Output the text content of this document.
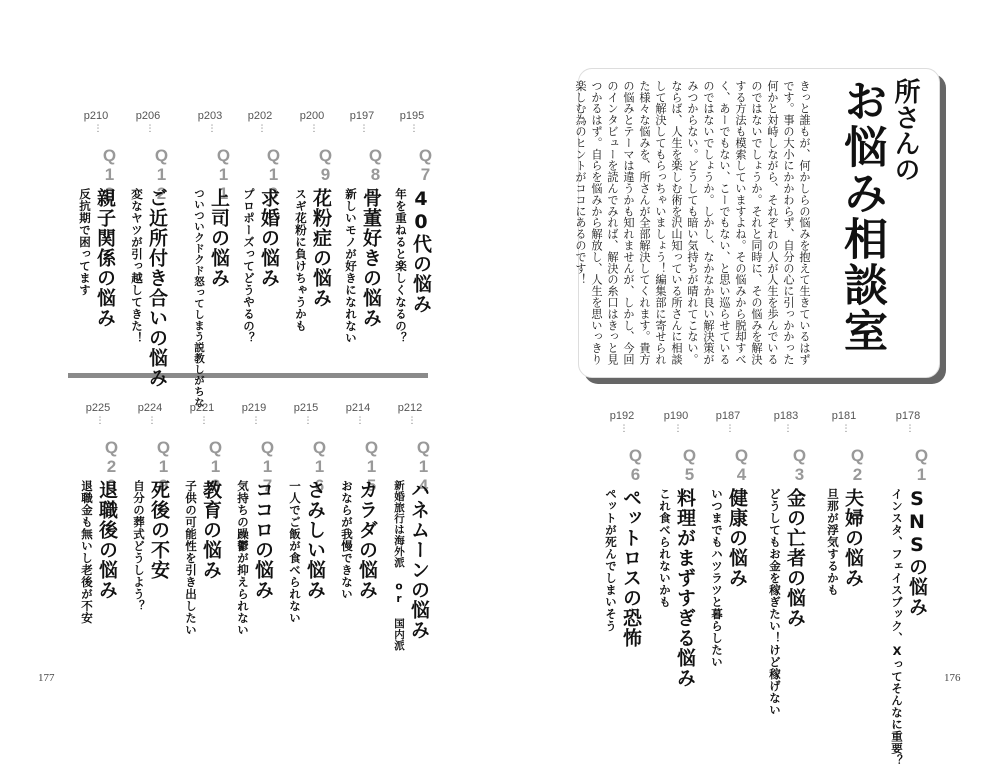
きっと誰もが、何かしらの悩みを抱えて生きているはずです。事の大小にかかわらず、自分の心に引っかかった何かと対峙しながら、それぞれの人が人生を歩んでいるのではないでしょうか。それと同時に、その悩みを解決する方法も模索していますよね。その悩みから脱却すべく、あーでもない、こーでもない、と思い巡らせているのではないでしょうか。しかし、なかなか良い解決策がみつからない。どうしても暗い気持ちが晴れてこない。ならば、人生を楽しむ術を沢山知っている所さんに相談して解決してもらっちゃいましょう！編集部に寄せられた様々な悩みを、所さんが全部解決してくれます。貴方の悩みとテーマは違うかも知れませんが、しかし、今回のインタビューを読んでみれば、解決の糸口はきっと見つかるはず。自らを悩みから解放し、人生を思いっきり楽しむ為のヒントがココにあるのです！	所さんの
お悩み相談室
p178
⋮
Q1
インスタ、フェイスブック、Xってそんなに重要？ SNSの悩み
p181
⋮
Q2
旦那が浮気するかも 夫婦の悩み
p183
⋮
Q3
どうしてもお金を稼ぎたい！けど稼げない 金の亡者の悩み
p187
⋮
Q4
いつまでもハツラツと暮らしたい 健康の悩み
p190
⋮
Q5
これ食べられないかも 料理がまずすぎる悩み
p192
⋮
Q6
ペットが死んでしまいそう ペットロスの恐怖
p195
⋮
Q7
年を重ねると楽しくなるの？ 40代の悩み
p197
⋮
Q8
新しいモノが好きになれない 骨董好きの悩み
p200
⋮
Q9
スギ花粉に負けちゃうかも 花粉症の悩み
p202
⋮
Q10
プロポーズってどうやるの？ 求婚の悩み
p203
⋮
Q11
ついついクドクド怒ってしまう説教しがちな 上司の悩み
p206
⋮
Q12
変なヤツが引っ越してきた！ ご近所付き合いの悩み
p210
⋮
Q13
反抗期で困ってます 親子関係の悩み
p212
⋮
Q14
新婚旅行は海外派 or 国内派 ハネムーンの悩み
p214
⋮
Q15
おならが我慢できない カラダの悩み
p215
⋮
Q16
一人でご飯が食べられない さみしい悩み
p219
⋮
Q17
気持ちの躁鬱が抑えられない ココロの悩み
p221
⋮
Q18
子供の可能性を引き出したい 教育の悩み
p224
⋮
Q19
自分の葬式どうしよう？ 死後の不安
p225
⋮
Q20
退職金も無いし老後が不安 退職後の悩み
177	176
